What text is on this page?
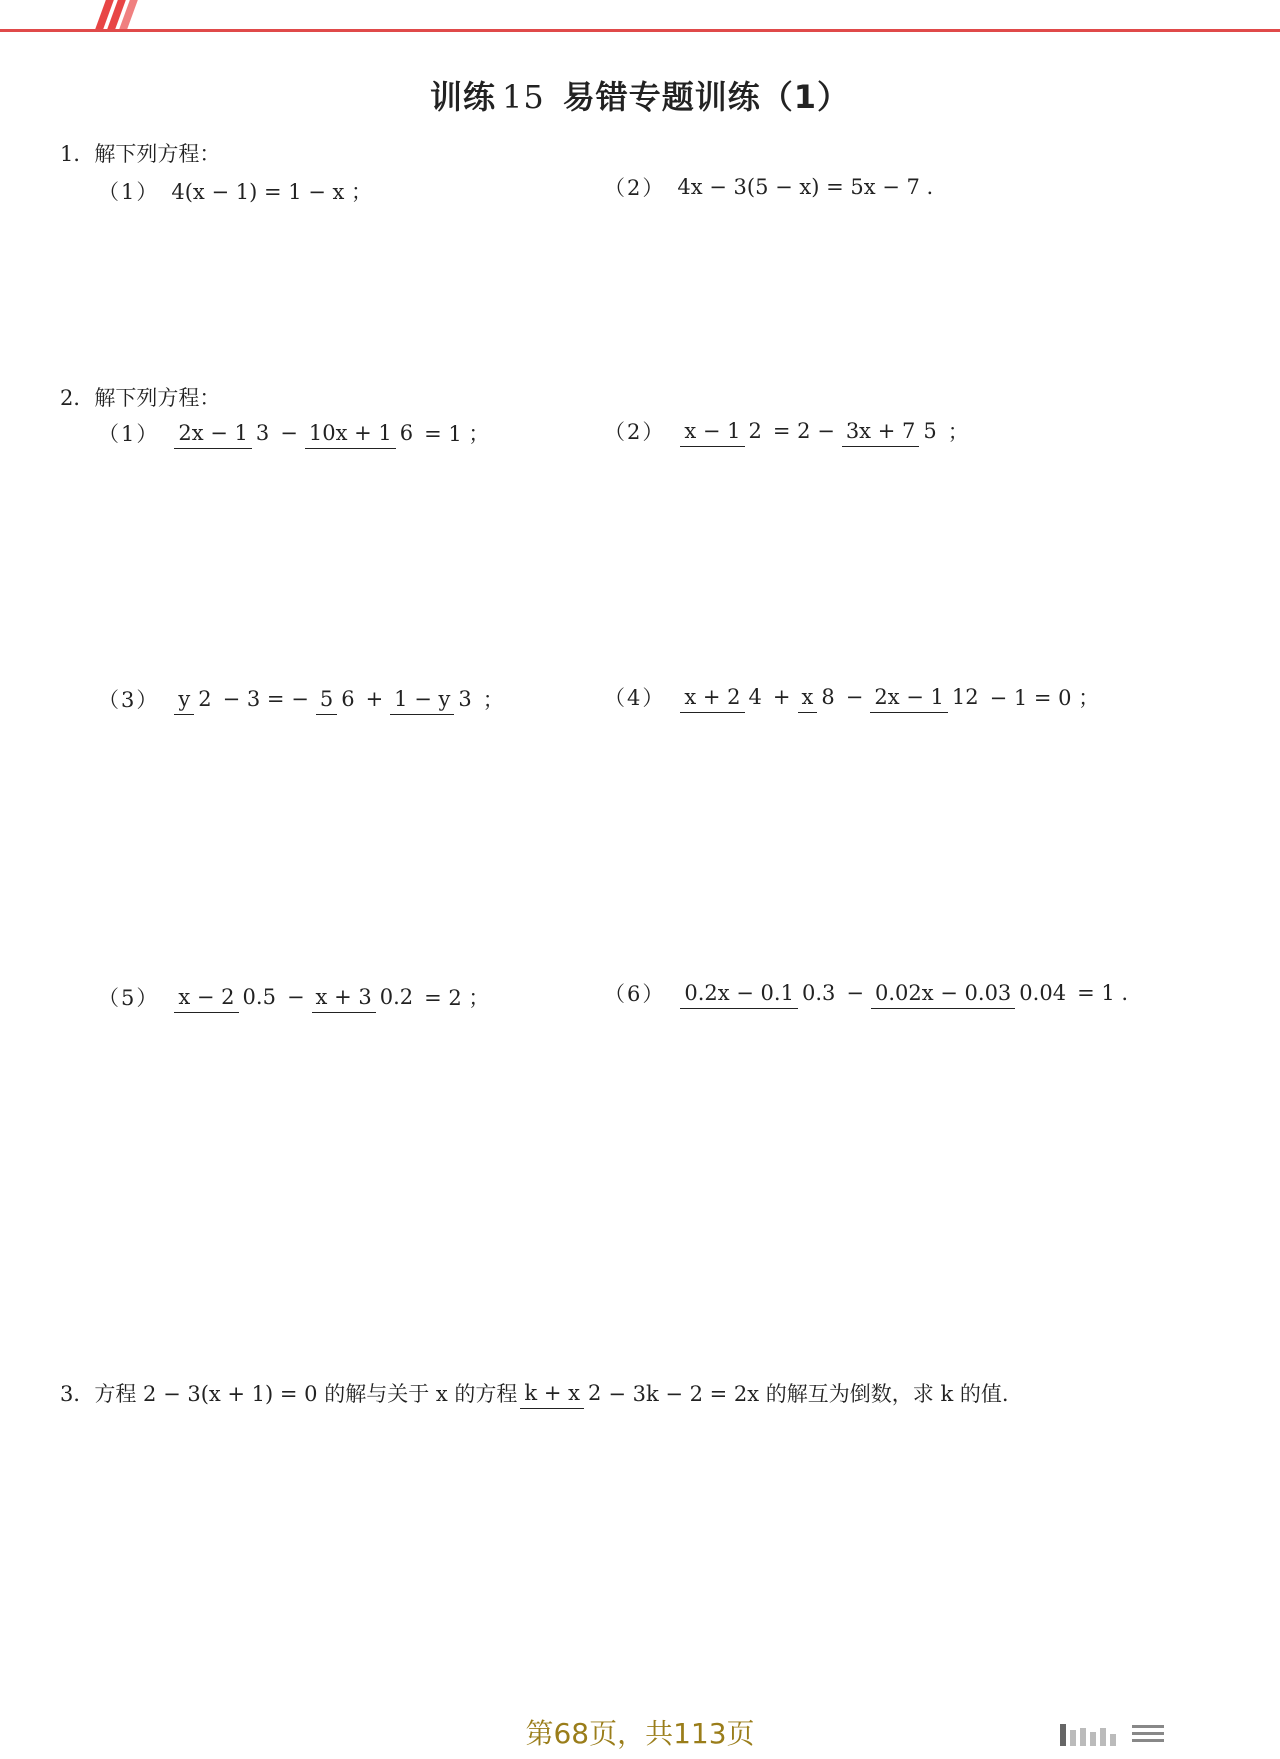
训练 15 易错专题训练（1）
1．解下列方程：
（1） 4(x − 1) = 1 − x ；	（2） 4x − 3(5 − x) = 5x − 7 .
2．解下列方程：
（1） 2x − 1 3 − 10x + 1 6 = 1 ；	（2） x − 1 2 = 2 − 3x + 7 5 ；
（3） y 2 − 3 = − 5 6 + 1 − y 3 ；	（4） x + 2 4 + x 8 − 2x − 1 12 − 1 = 0 ；
（5） x − 2 0.5 − x + 3 0.2 = 2 ；	（6） 0.2x − 0.1 0.3 − 0.02x − 0.03 0.04 = 1 .
3．方程 2 − 3(x + 1) = 0 的解与关于 x 的方程 k + x 2 − 3k − 2 = 2x 的解互为倒数，求 k 的值.
第68页，共113页
